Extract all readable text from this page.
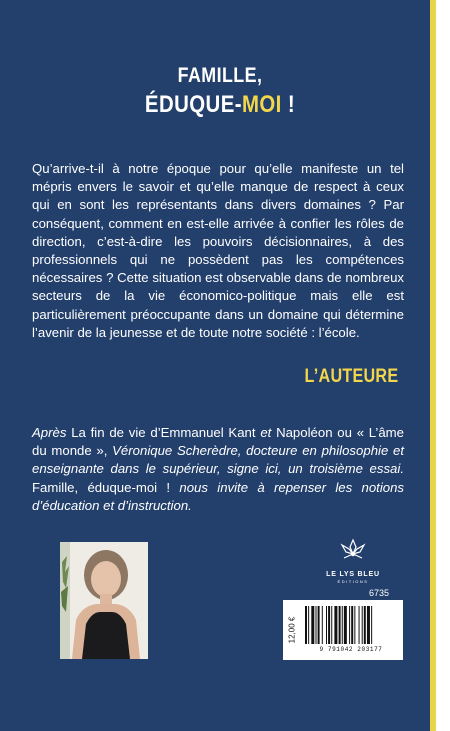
FAMILLE,
ÉDUQUE-MOI !

Qu’arrive-t-il à notre époque pour qu’elle manifeste un tel mépris envers le savoir et qu’elle manque de respect à ceux qui en sont les représentants dans divers domaines ? Par conséquent, comment en est-elle arrivée à confier les rôles de direction, c’est-à-dire les pouvoirs décisionnaires, à des professionnels qui ne possèdent pas les compétences nécessaires ? Cette situation est observable dans de nombreux secteurs de la vie économico-politique mais elle est particulièrement préoccupante dans un domaine qui détermine l’avenir de la jeunesse et de toute notre société : l’école.

L’AUTEURE

Après La fin de vie d’Emmanuel Kant et Napoléon ou « L’âme du monde », Véronique Scherèdre, docteure en philosophie et enseignante dans le supérieur, signe ici, un troisième essai. Famille, éduque-moi ! nous invite à repenser les notions d’éducation et d’instruction.

LE LYS BLEU
ÉDITIONS
6735
12,00 €
9 791042 203177
